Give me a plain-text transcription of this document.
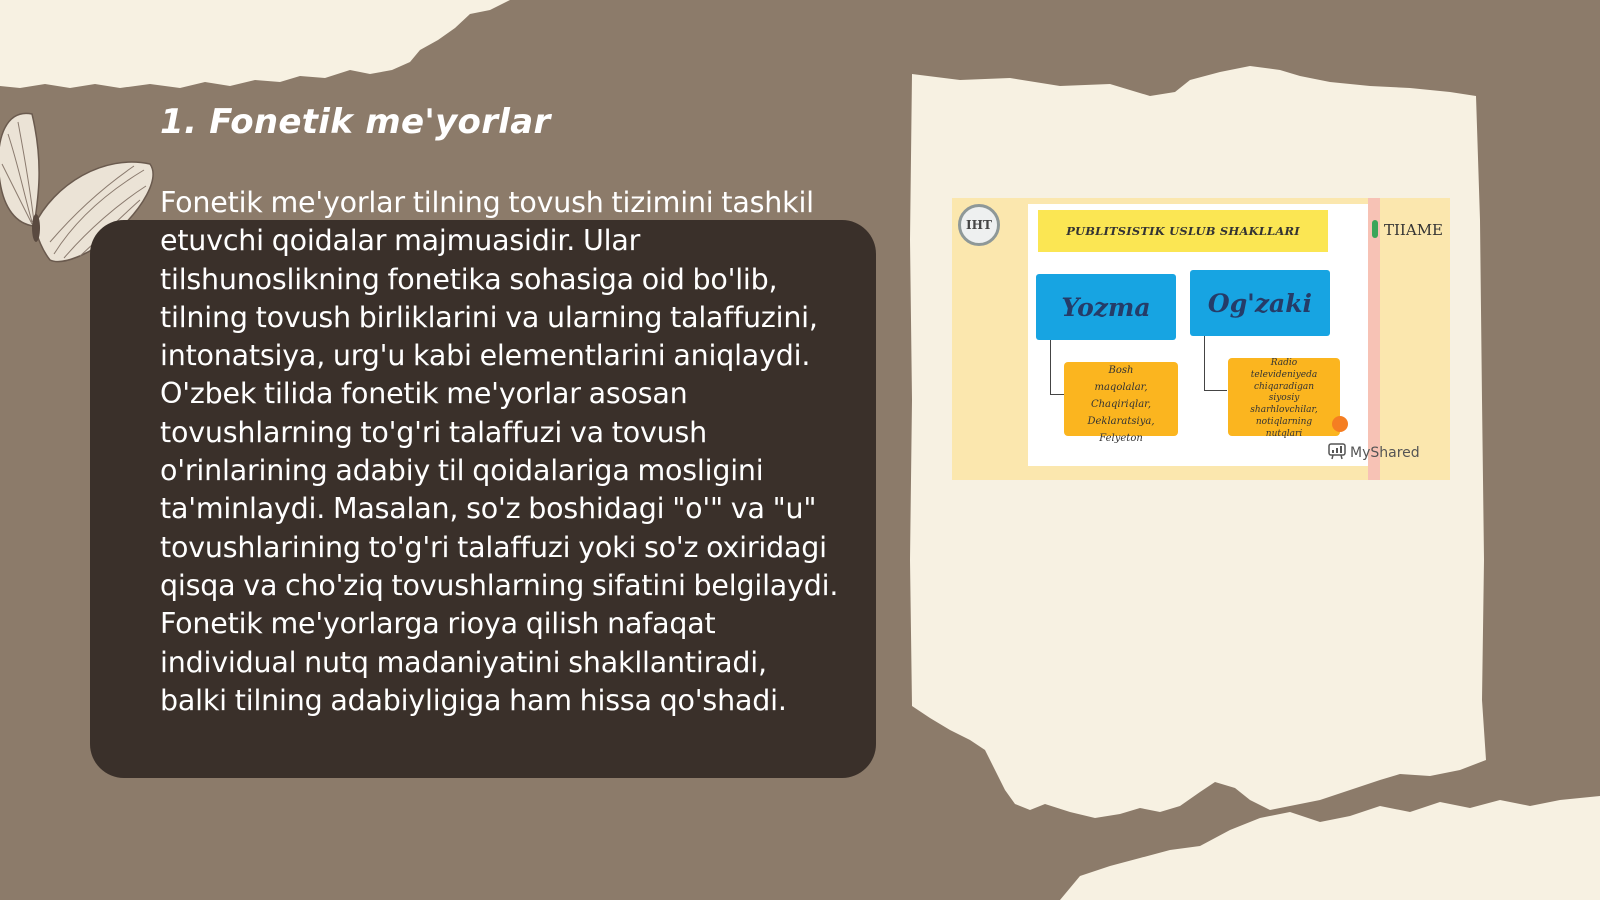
1. Fonetik me'yorlar

Fonetik me'yorlar tilning tovush tizimini tashkil etuvchi qoidalar majmuasidir. Ular tilshunoslikning fonetika sohasiga oid bo'lib, tilning tovush birliklarini va ularning talaffuzini, intonatsiya, urg'u kabi elementlarini aniqlaydi. O'zbek tilida fonetik me'yorlar asosan tovushlarning to'g'ri talaffuzi va tovush o'rinlarining adabiy til qoidalariga mosligini ta'minlaydi. Masalan, so'z boshidagi "o'" va "u" tovushlarining to'g'ri talaffuzi yoki so'z oxiridagi qisqa va cho'ziq tovushlarning sifatini belgilaydi. Fonetik me'yorlarga rioya qilish nafaqat individual nutq madaniyatini shakllantiradi, balki tilning adabiyligiga ham hissa qo'shadi.

IHT	TIIAME
PUBLITSISTIK USLUB SHAKLLARI
Yozma	Og'zaki
Bosh
maqolalar,
Chaqiriqlar,
Deklaratsiya,
Felyeton
Radio
televideniyeda
chiqaradigan
siyosiy
sharhlovchilar,
notiqlarning
nutqlari
MyShared
